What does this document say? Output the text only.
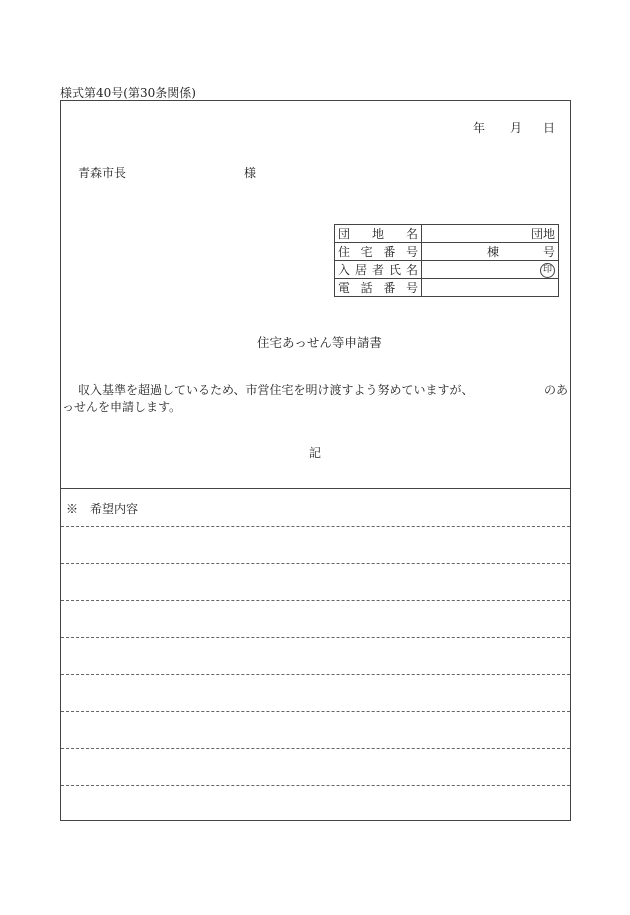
様式第40号(第30条関係)
年 月 日
青森市長	様
団 地 名	団地

住 宅 番 号	棟 号

入 居 者 氏 名	印

電 話 番 号	

住宅あっせん等申請書
収入基準を超過しているため、市営住宅を明け渡すよう努めていますが、	のあ
っせんを申請します。
記
※　希望内容
